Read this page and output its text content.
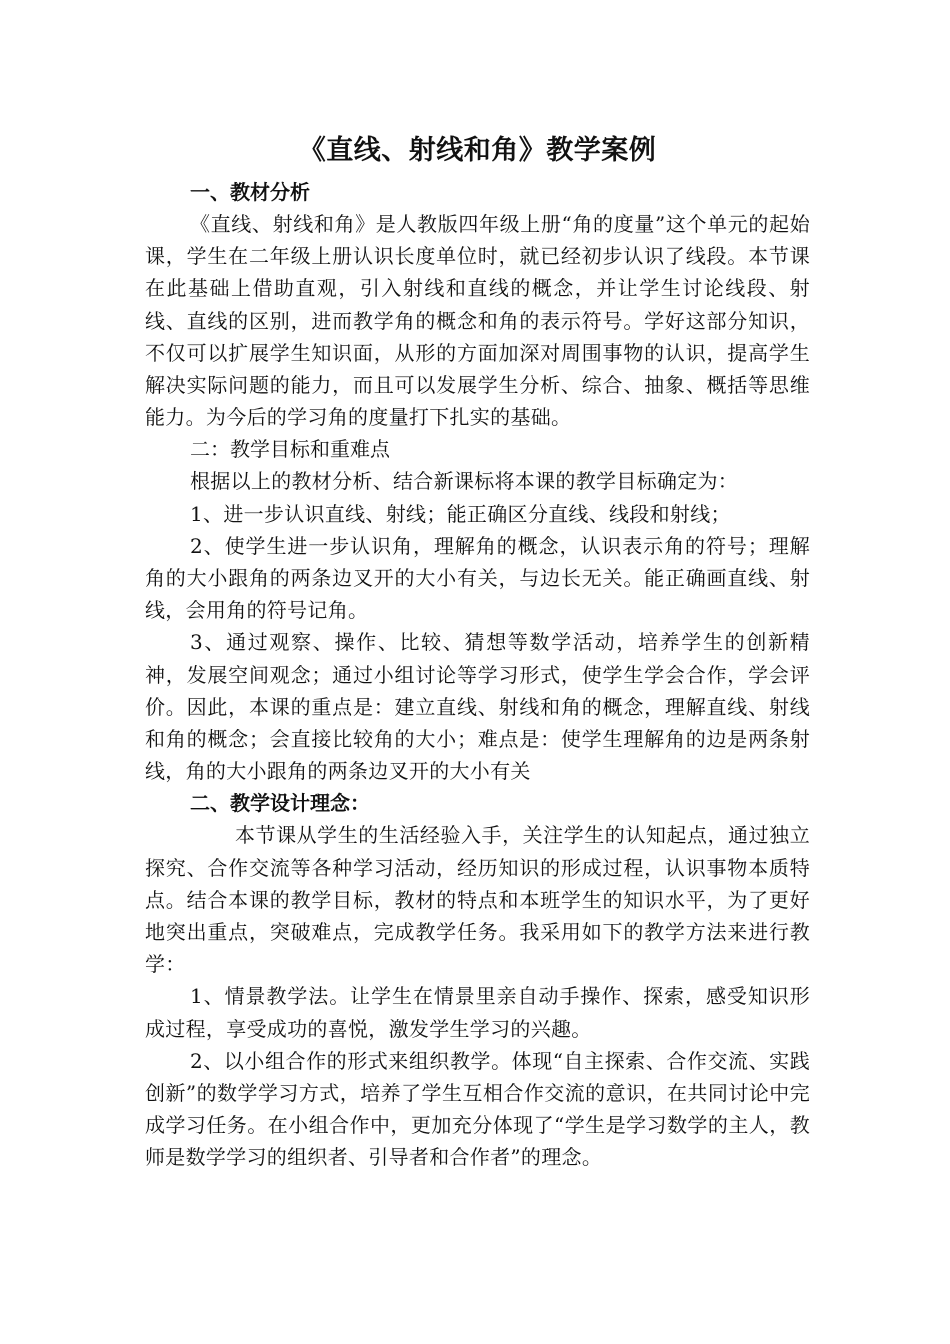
《直线、射线和角》教学案例
一、教材分析

《直线、射线和角》是人教版四年级上册“角的度量”这个单元的起始课，学生在二年级上册认识长度单位时，就已经初步认识了线段。本节课在此基础上借助直观，引入射线和直线的概念，并让学生讨论线段、射线、直线的区别，进而教学角的概念和角的表示符号。学好这部分知识，不仅可以扩展学生知识面，从形的方面加深对周围事物的认识，提高学生解决实际问题的能力，而且可以发展学生分析、综合、抽象、概括等思维能力。为今后的学习角的度量打下扎实的基础。

二：教学目标和重难点

根据以上的教材分析、结合新课标将本课的教学目标确定为：

1、进一步认识直线、射线；能正确区分直线、线段和射线；

2、使学生进一步认识角，理解角的概念，认识表示角的符号；理解角的大小跟角的两条边叉开的大小有关，与边长无关。能正确画直线、射线，会用角的符号记角。

3、通过观察、操作、比较、猜想等数学活动，培养学生的创新精神，发展空间观念；通过小组讨论等学习形式，使学生学会合作，学会评价。因此，本课的重点是：建立直线、射线和角的概念，理解直线、射线和角的概念；会直接比较角的大小；难点是：使学生理解角的边是两条射线，角的大小跟角的两条边叉开的大小有关

二、教学设计理念：

本节课从学生的生活经验入手，关注学生的认知起点，通过独立探究、合作交流等各种学习活动，经历知识的形成过程，认识事物本质特点。结合本课的教学目标，教材的特点和本班学生的知识水平，为了更好地突出重点，突破难点，完成教学任务。我采用如下的教学方法来进行教学：

1、情景教学法。让学生在情景里亲自动手操作、探索，感受知识形成过程，享受成功的喜悦，激发学生学习的兴趣。

2、以小组合作的形式来组织教学。体现“自主探索、合作交流、实践创新”的数学学习方式，培养了学生互相合作交流的意识，在共同讨论中完成学习任务。在小组合作中，更加充分体现了“学生是学习数学的主人，教师是数学学习的组织者、引导者和合作者”的理念。
